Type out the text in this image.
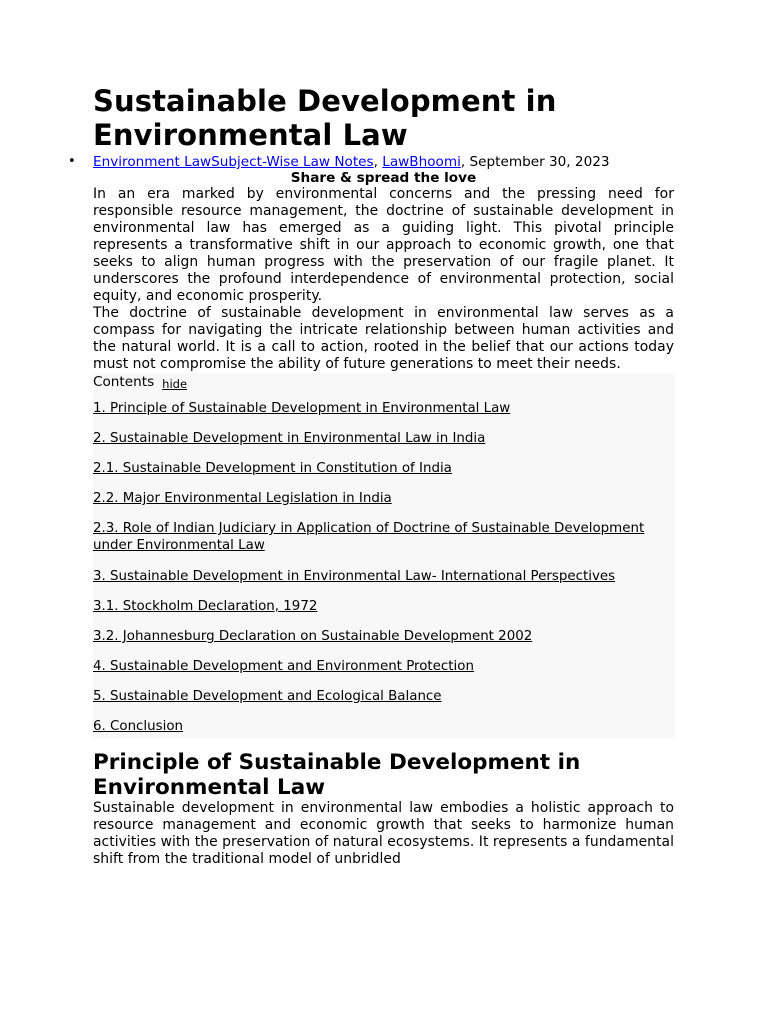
Sustainable Development in Environmental Law
• Environment LawSubject-Wise Law Notes, LawBhoomi, September 30, 2023
Share & spread the love

In an era marked by environmental concerns and the pressing need for responsible resource management, the doctrine of sustainable development in environmental law has emerged as a guiding light. This pivotal principle represents a transformative shift in our approach to economic growth, one that seeks to align human progress with the preservation of our fragile planet. It underscores the profound interdependence of environmental protection, social equity, and economic prosperity.

The doctrine of sustainable development in environmental law serves as a compass for navigating the intricate relationship between human activities and the natural world. It is a call to action, rooted in the belief that our actions today must not compromise the ability of future generations to meet their needs.

Contents hide
1. Principle of Sustainable Development in Environmental Law
2. Sustainable Development in Environmental Law in India
2.1. Sustainable Development in Constitution of India
2.2. Major Environmental Legislation in India
2.3. Role of Indian Judiciary in Application of Doctrine of Sustainable Development under Environmental Law
3. Sustainable Development in Environmental Law- International Perspectives
3.1. Stockholm Declaration, 1972
3.2. Johannesburg Declaration on Sustainable Development 2002
4. Sustainable Development and Environment Protection
5. Sustainable Development and Ecological Balance
6. Conclusion
Principle of Sustainable Development in Environmental Law

Sustainable development in environmental law embodies a holistic approach to resource management and economic growth that seeks to harmonize human activities with the preservation of natural ecosystems. It represents a fundamental shift from the traditional model of unbridled
